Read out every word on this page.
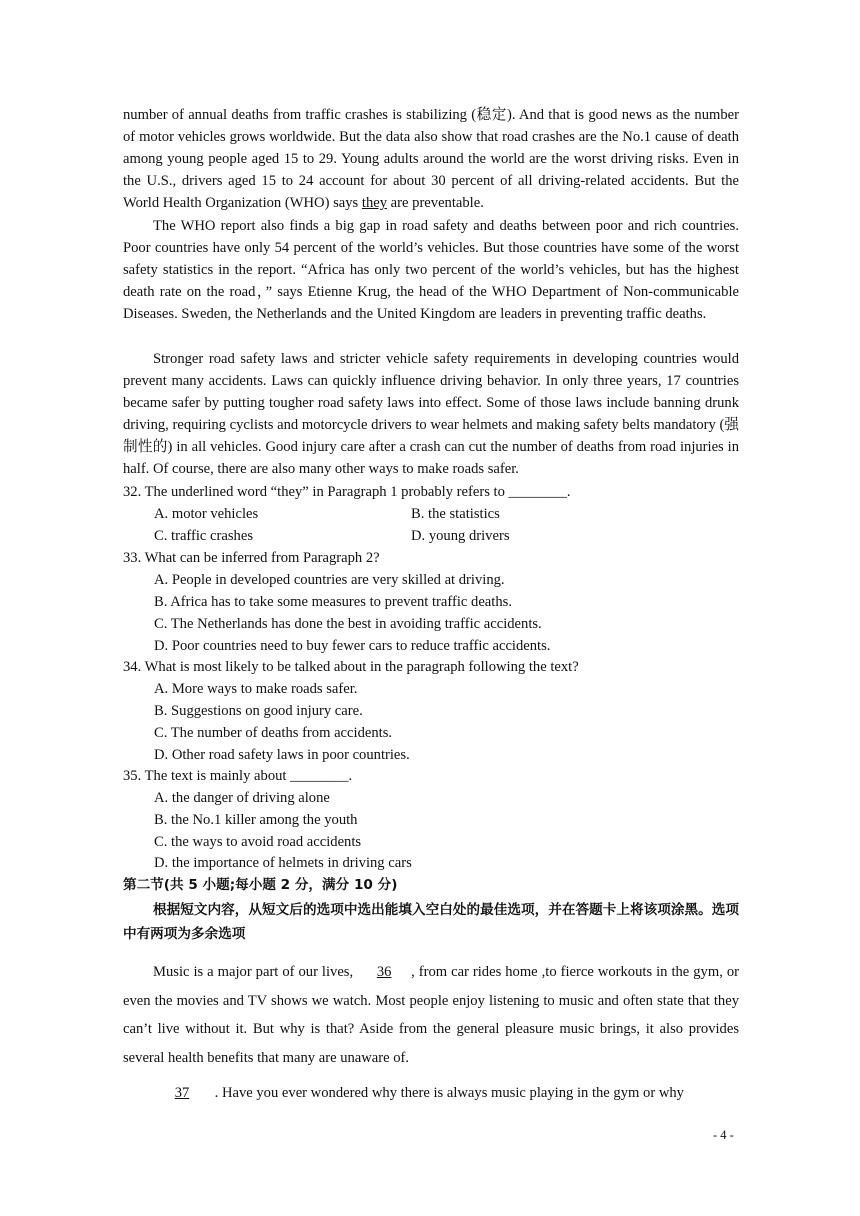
number of annual deaths from traffic crashes is stabilizing (稳定). And that is good news as the number of motor vehicles grows worldwide. But the data also show that road crashes are the No.1 cause of death among young people aged 15 to 29. Young adults around the world are the worst driving risks. Even in the U.S., drivers aged 15 to 24 account for about 30 percent of all driving-related accidents. But the World Health Organization (WHO) says they are preventable.

The WHO report also finds a big gap in road safety and deaths between poor and rich countries. Poor countries have only 54 percent of the world’s vehicles. But those countries have some of the worst safety statistics in the report. “Africa has only two percent of the world’s vehicles, but has the highest death rate on the road，” says Etienne Krug, the head of the WHO Department of Non-communicable Diseases. Sweden, the Netherlands and the United Kingdom are leaders in preventing traffic deaths.

Stronger road safety laws and stricter vehicle safety requirements in developing countries would prevent many accidents. Laws can quickly influence driving behavior. In only three years, 17 countries became safer by putting tougher road safety laws into effect. Some of those laws include banning drunk driving, requiring cyclists and motorcycle drivers to wear helmets and making safety belts mandatory (强制性的) in all vehicles. Good injury care after a crash can cut the number of deaths from road injuries in half. Of course, there are also many other ways to make roads safer.

32. The underlined word “they” in Paragraph 1 probably refers to ________.

A. motor vehicles	B. the statistics

C. traffic crashes	D. young drivers

33. What can be inferred from Paragraph 2?

A. People in developed countries are very skilled at driving.

B. Africa has to take some measures to prevent traffic deaths.

C. The Netherlands has done the best in avoiding traffic accidents.

D. Poor countries need to buy fewer cars to reduce traffic accidents.

34. What is most likely to be talked about in the paragraph following the text?

A. More ways to make roads safer.

B. Suggestions on good injury care.

C. The number of deaths from accidents.

D. Other road safety laws in poor countries.

35. The text is mainly about ________.

A. the danger of driving alone

B. the No.1 killer among the youth

C. the ways to avoid road accidents

D. the importance of helmets in driving cars

第二节(共 5 小题;每小题 2 分，满分 10 分)

根据短文内容，从短文后的选项中选出能填入空白处的最佳选项，并在答题卡上将该项涂黑。选项中有两项为多余选项

Music is a major part of our lives, 36 , from car rides home ,to fierce workouts in the gym, or even the movies and TV shows we watch. Most people enjoy listening to music and often state that they can’t live without it. But why is that? Aside from the general pleasure music brings, it also provides several health benefits that many are unaware of.

37 . Have you ever wondered why there is always music playing in the gym or why

- 4 -
